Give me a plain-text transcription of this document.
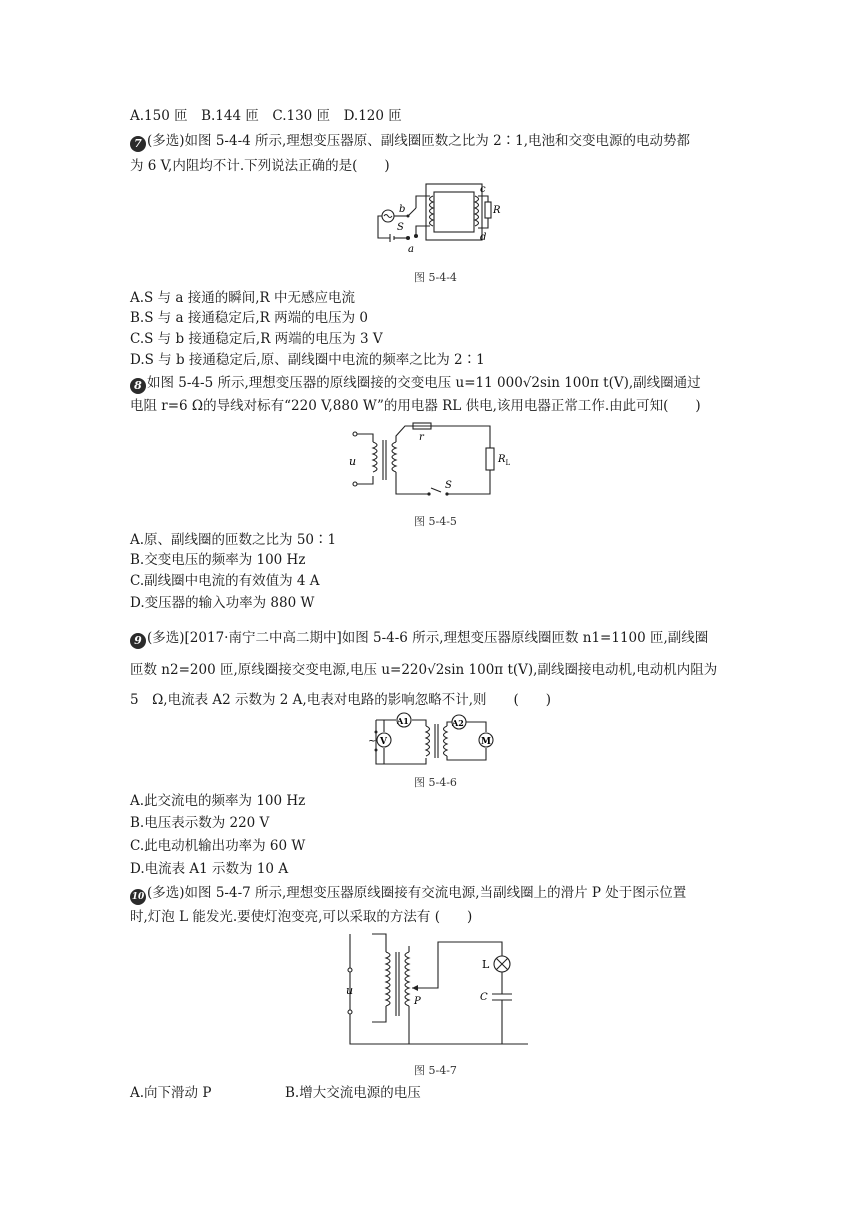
A.150 匝　B.144 匝　C.130 匝　D.120 匝
7 (多选)如图 5-4-4 所示,理想变压器原、副线圈匝数之比为 2∶1,电池和交变电源的电动势都
为 6 V,内阻均不计.下列说法正确的是(　　)
b
S
a
c
R
d
图 5-4-4
A.S 与 a 接通的瞬间,R 中无感应电流
B.S 与 a 接通稳定后,R 两端的电压为 0
C.S 与 b 接通稳定后,R 两端的电压为 3 V
D.S 与 b 接通稳定后,原、副线圈中电流的频率之比为 2∶1
8 如图 5-4-5 所示,理想变压器的原线圈接的交变电压 u=11 000√2sin 100π t(V),副线圈通过
电阻 r=6 Ω的导线对标有“220 V,880 W”的用电器 RL 供电,该用电器正常工作.由此可知(　　)
u
r
$R_L$
S
图 5-4-5
A.原、副线圈的匝数之比为 50∶1
B.交变电压的频率为 100 Hz
C.副线圈中电流的有效值为 4 A
D.变压器的输入功率为 880 W
9 (多选)[2017·南宁二中高二期中]如图 5-4-6 所示,理想变压器原线圈匝数 n1=1100 匝,副线圈
匝数 n2=200 匝,原线圈接交变电源,电压 u=220√2sin 100π t(V),副线圈接电动机,电动机内阻为
5　Ω,电流表 A2 示数为 2 A,电表对电路的影响忽略不计,则　　(　　)
A1	A2
V	M
~
图 5-4-6
A.此交流电的频率为 100 Hz
B.电压表示数为 220 V
C.此电动机输出功率为 60 W
D.电流表 A1 示数为 10 A
10 (多选)如图 5-4-7 所示,理想变压器原线圈接有交流电源,当副线圈上的滑片 P 处于图示位置
时,灯泡 L 能发光.要使灯泡变亮,可以采取的方法有 (　　)
u
P
L
C
图 5-4-7
A.向下滑动 P	B.增大交流电源的电压
